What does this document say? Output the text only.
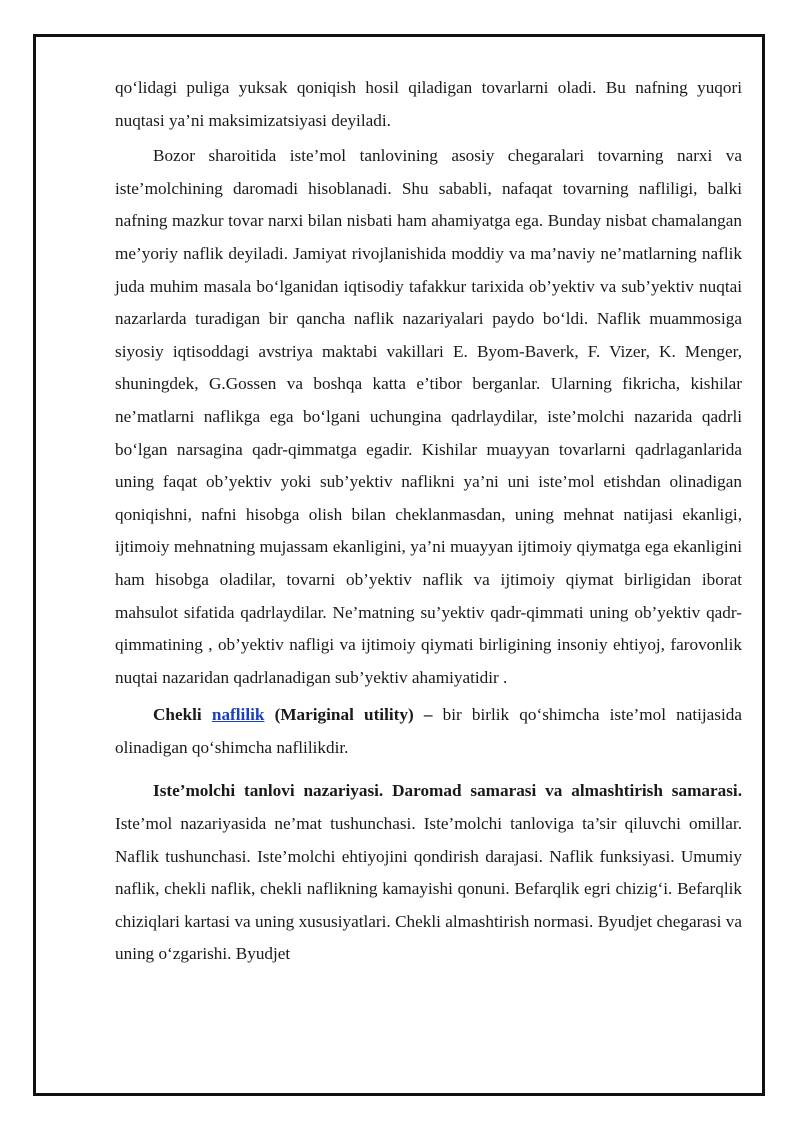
qo‘lidagi puliga yuksak qoniqish hosil qiladigan tovarlarni oladi. Bu nafning yuqori nuqtasi ya’ni maksimizatsiyasi deyiladi.

Bozor sharoitida iste’mol tanlovining asosiy chegaralari tovarning narxi va iste’molchining daromadi hisoblanadi. Shu sababli, nafaqat tovarning nafliligi, balki nafning mazkur tovar narxi bilan nisbati ham ahamiyatga ega. Bunday nisbat chamalangan me’yoriy naflik deyiladi. Jamiyat rivojlanishida moddiy va ma’naviy ne’matlarning naflik juda muhim masala bo‘lganidan iqtisodiy tafakkur tarixida ob’yektiv va sub’yektiv nuqtai nazarlarda turadigan bir qancha naflik nazariyalari paydo bo‘ldi. Naflik muammosiga siyosiy iqtisoddagi avstriya maktabi vakillari E. Byom-Baverk, F. Vizer, K. Menger, shuningdek, G.Gossen va boshqa katta e’tibor berganlar. Ularning fikricha, kishilar ne’matlarni naflikga ega bo‘lgani uchungina qadrlaydilar, iste’molchi nazarida qadrli bo‘lgan narsagina qadr-qimmatga egadir. Kishilar muayyan tovarlarni qadrlaganlarida uning faqat ob’yektiv yoki sub’yektiv naflikni ya’ni uni iste’mol etishdan olinadigan qoniqishni, nafni hisobga olish bilan cheklanmasdan, uning mehnat natijasi ekanligi, ijtimoiy mehnatning mujassam ekanligini, ya’ni muayyan ijtimoiy qiymatga ega ekanligini ham hisobga oladilar, tovarni ob’yektiv naflik va ijtimoiy qiymat birligidan iborat mahsulot sifatida qadrlaydilar. Ne’matning su’yektiv qadr-qimmati uning ob’yektiv qadr-qimmatining , ob’yektiv nafligi va ijtimoiy qiymati birligining insoniy ehtiyoj, farovonlik nuqtai nazaridan qadrlanadigan sub’yektiv ahamiyatidir .

Chekli naflilik (Mariginal utility) – bir birlik qo‘shimcha iste’mol natijasida olinadigan qo‘shimcha naflilikdir.

Iste’molchi tanlovi nazariyasi. Daromad samarasi va almashtirish samarasi. Iste’mol nazariyasida ne’mat tushunchasi. Iste’molchi tanloviga ta’sir qiluvchi omillar. Naflik tushunchasi. Iste’molchi ehtiyojini qondirish darajasi. Naflik funksiyasi. Umumiy naflik, chekli naflik, chekli naflikning kamayishi qonuni. Befarqlik egri chizig‘i. Befarqlik chiziqlari kartasi va uning xususiyatlari. Chekli almashtirish normasi. Byudjet chegarasi va uning o‘zgarishi. Byudjet
